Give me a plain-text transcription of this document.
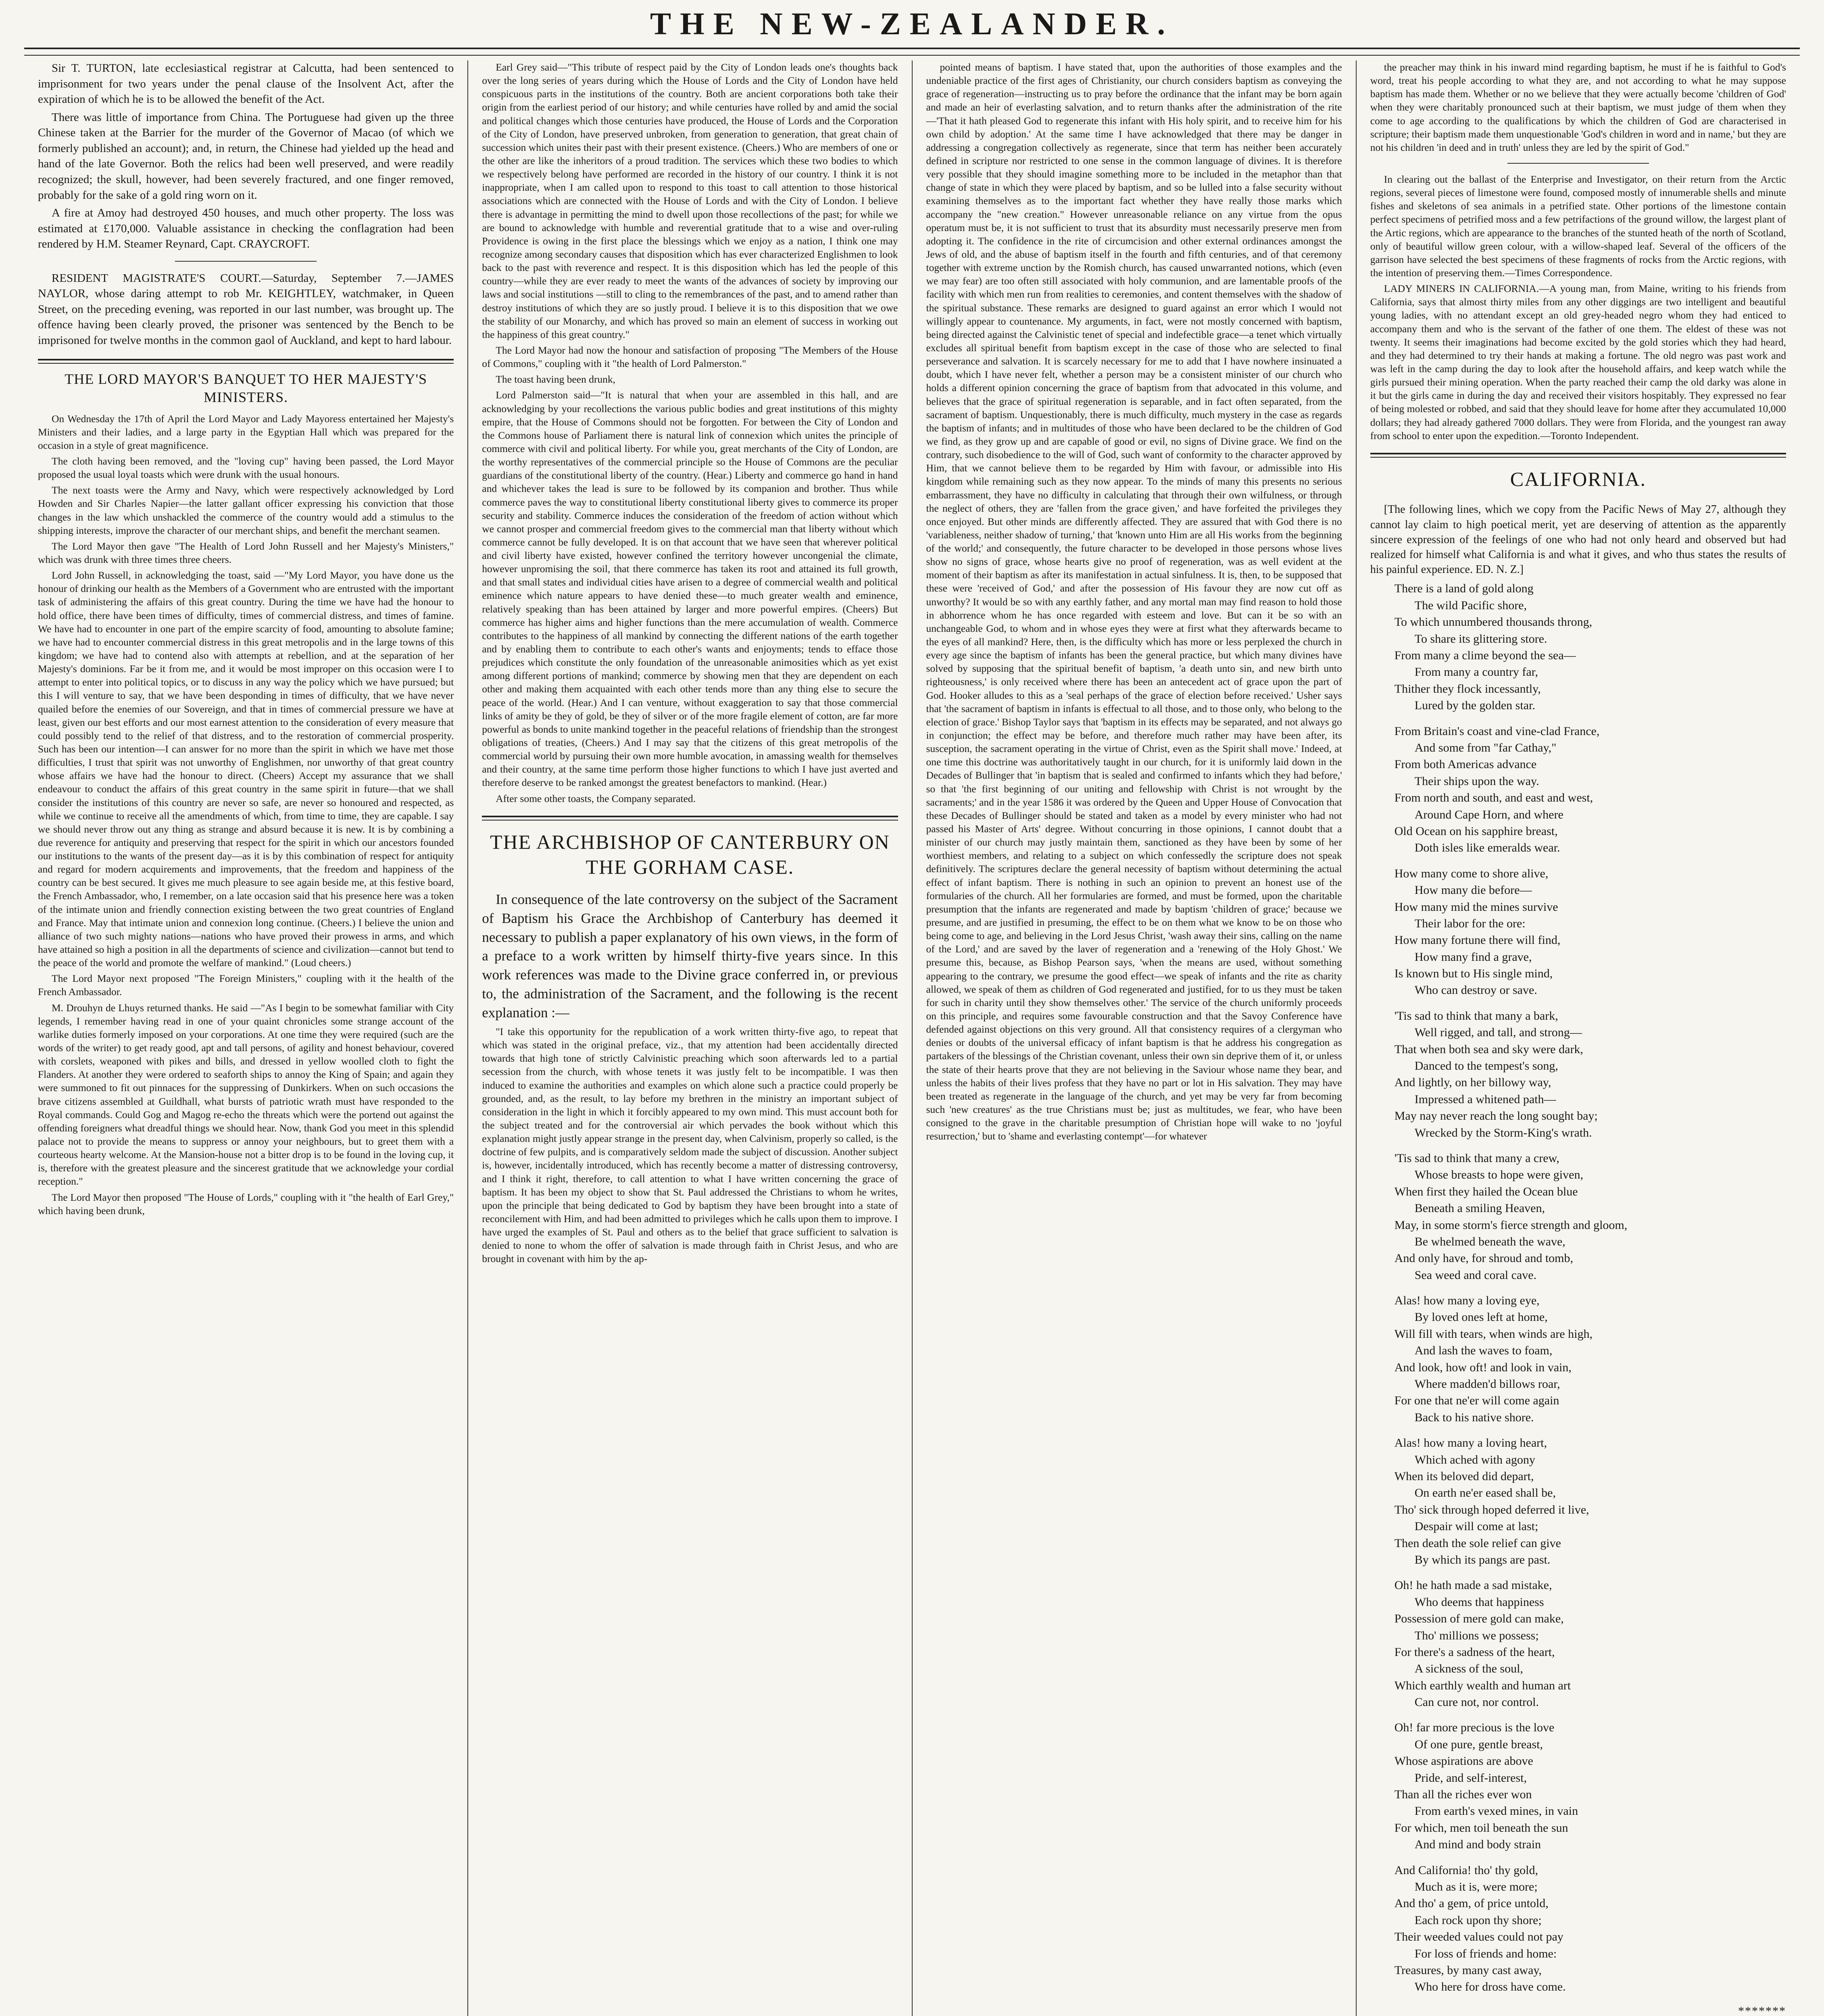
THE NEW-ZEALANDER.

Sir T. TURTON, late ecclesiastical registrar at Calcutta, had been sentenced to imprisonment for two years under the penal clause of the Insolvent Act, after the expiration of which he is to be allowed the benefit of the Act.

There was little of importance from China. The Portuguese had given up the three Chinese taken at the Barrier for the murder of the Governor of Macao (of which we formerly published an account); and, in return, the Chinese had yielded up the head and hand of the late Governor. Both the relics had been well preserved, and were readily recognized; the skull, however, had been severely fractured, and one finger removed, probably for the sake of a gold ring worn on it.

A fire at Amoy had destroyed 450 houses, and much other property. The loss was estimated at £170,000. Valuable assistance in checking the conflagration had been rendered by H.M. Steamer Reynard, Capt. CRAYCROFT.

RESIDENT MAGISTRATE'S COURT.—Saturday, September 7.—JAMES NAYLOR, whose daring attempt to rob Mr. KEIGHTLEY, watchmaker, in Queen Street, on the preceding evening, was reported in our last number, was brought up. The offence having been clearly proved, the prisoner was sentenced by the Bench to be imprisoned for twelve months in the common gaol of Auckland, and kept to hard labour.

THE LORD MAYOR'S BANQUET TO HER MAJESTY'S MINISTERS.

On Wednesday the 17th of April the Lord Mayor and Lady Mayoress entertained her Majesty's Ministers and their ladies, and a large party in the Egyptian Hall which was prepared for the occasion in a style of great magnificence.

The cloth having been removed, and the "loving cup" having been passed, the Lord Mayor proposed the usual loyal toasts which were drunk with the usual honours.

The next toasts were the Army and Navy, which were respectively acknowledged by Lord Howden and Sir Charles Napier—the latter gallant officer expressing his conviction that those changes in the law which unshackled the commerce of the country would add a stimulus to the shipping interests, improve the character of our merchant ships, and benefit the merchant seamen.

The Lord Mayor then gave "The Health of Lord John Russell and her Majesty's Ministers," which was drunk with three times three cheers.

Lord John Russell, in acknowledging the toast, said —"My Lord Mayor, you have done us the honour of drinking our health as the Members of a Government who are entrusted with the important task of administering the affairs of this great country. During the time we have had the honour to hold office, there have been times of difficulty, times of commercial distress, and times of famine. We have had to encounter in one part of the empire scarcity of food, amounting to absolute famine; we have had to encounter commercial distress in this great metropolis and in the large towns of this kingdom; we have had to contend also with attempts at rebellion, and at the separation of her Majesty's dominions. Far be it from me, and it would be most improper on this occasion were I to attempt to enter into political topics, or to discuss in any way the policy which we have pursued; but this I will venture to say, that we have been desponding in times of difficulty, that we have never quailed before the enemies of our Sovereign, and that in times of commercial pressure we have at least, given our best efforts and our most earnest attention to the consideration of every measure that could possibly tend to the relief of that distress, and to the restoration of commercial prosperity. Such has been our intention—I can answer for no more than the spirit in which we have met those difficulties, I trust that spirit was not unworthy of Englishmen, nor unworthy of that great country whose affairs we have had the honour to direct. (Cheers) Accept my assurance that we shall endeavour to conduct the affairs of this great country in the same spirit in future—that we shall consider the institutions of this country are never so safe, are never so honoured and respected, as while we continue to receive all the amendments of which, from time to time, they are capable. I say we should never throw out any thing as strange and absurd because it is new. It is by combining a due reverence for antiquity and preserving that respect for the spirit in which our ancestors founded our institutions to the wants of the present day—as it is by this combination of respect for antiquity and regard for modern acquirements and improvements, that the freedom and happiness of the country can be best secured. It gives me much pleasure to see again beside me, at this festive board, the French Ambassador, who, I remember, on a late occasion said that his presence here was a token of the intimate union and friendly connection existing between the two great countries of England and France. May that intimate union and connexion long continue. (Cheers.) I believe the union and alliance of two such mighty nations—nations who have proved their prowess in arms, and which have attained so high a position in all the departments of science and civilization—cannot but tend to the peace of the world and promote the welfare of mankind." (Loud cheers.)

The Lord Mayor next proposed "The Foreign Ministers," coupling with it the health of the French Ambassador.

M. Drouhyn de Lhuys returned thanks. He said —"As I begin to be somewhat familiar with City legends, I remember having read in one of your quaint chronicles some strange account of the warlike duties formerly imposed on your corporations. At one time they were required (such are the words of the writer) to get ready good, apt and tall persons, of agility and honest behaviour, covered with corslets, weaponed with pikes and bills, and dressed in yellow woolled cloth to fight the Flanders. At another they were ordered to seaforth ships to annoy the King of Spain; and again they were summoned to fit out pinnaces for the suppressing of Dunkirkers. When on such occasions the brave citizens assembled at Guildhall, what bursts of patriotic wrath must have responded to the Royal commands. Could Gog and Magog re-echo the threats which were the portend out against the offending foreigners what dreadful things we should hear. Now, thank God you meet in this splendid palace not to provide the means to suppress or annoy your neighbours, but to greet them with a courteous hearty welcome. At the Mansion-house not a bitter drop is to be found in the loving cup, it is, therefore with the greatest pleasure and the sincerest gratitude that we acknowledge your cordial reception."

The Lord Mayor then proposed "The House of Lords," coupling with it "the health of Earl Grey," which having been drunk,

Earl Grey said—"This tribute of respect paid by the City of London leads one's thoughts back over the long series of years during which the House of Lords and the City of London have held conspicuous parts in the institutions of the country. Both are ancient corporations both take their origin from the earliest period of our history; and while centuries have rolled by and amid the social and political changes which those centuries have produced, the House of Lords and the Corporation of the City of London, have preserved unbroken, from generation to generation, that great chain of succession which unites their past with their present existence. (Cheers.) Who are members of one or the other are like the inheritors of a proud tradition. The services which these two bodies to which we respectively belong have performed are recorded in the history of our country. I think it is not inappropriate, when I am called upon to respond to this toast to call attention to those historical associations which are connected with the House of Lords and with the City of London. I believe there is advantage in permitting the mind to dwell upon those recollections of the past; for while we are bound to acknowledge with humble and reverential gratitude that to a wise and over-ruling Providence is owing in the first place the blessings which we enjoy as a nation, I think one may recognize among secondary causes that disposition which has ever characterized Englishmen to look back to the past with reverence and respect. It is this disposition which has led the people of this country—while they are ever ready to meet the wants of the advances of society by improving our laws and social institutions —still to cling to the remembrances of the past, and to amend rather than destroy institutions of which they are so justly proud. I believe it is to this disposition that we owe the stability of our Monarchy, and which has proved so main an element of success in working out the happiness of this great country."

The Lord Mayor had now the honour and satisfaction of proposing "The Members of the House of Commons," coupling with it "the health of Lord Palmerston."

The toast having been drunk,

Lord Palmerston said—"It is natural that when your are assembled in this hall, and are acknowledging by your recollections the various public bodies and great institutions of this mighty empire, that the House of Commons should not be forgotten. For between the City of London and the Commons house of Parliament there is natural link of connexion which unites the principle of commerce with civil and political liberty. For while you, great merchants of the City of London, are the worthy representatives of the commercial principle so the House of Commons are the peculiar guardians of the constitutional liberty of the country. (Hear.) Liberty and commerce go hand in hand and whichever takes the lead is sure to be followed by its companion and brother. Thus while commerce paves the way to constitutional liberty constitutional liberty gives to commerce its proper security and stability. Commerce induces the consideration of the freedom of action without which we cannot prosper and commercial freedom gives to the commercial man that liberty without which commerce cannot be fully developed. It is on that account that we have seen that wherever political and civil liberty have existed, however confined the territory however uncongenial the climate, however unpromising the soil, that there commerce has taken its root and attained its full growth, and that small states and individual cities have arisen to a degree of commercial wealth and political eminence which nature appears to have denied these—to much greater wealth and eminence, relatively speaking than has been attained by larger and more powerful empires. (Cheers) But commerce has higher aims and higher functions than the mere accumulation of wealth. Commerce contributes to the happiness of all mankind by connecting the different nations of the earth together and by enabling them to contribute to each other's wants and enjoyments; tends to efface those prejudices which constitute the only foundation of the unreasonable animosities which as yet exist among different portions of mankind; commerce by showing men that they are dependent on each other and making them acquainted with each other tends more than any thing else to secure the peace of the world. (Hear.) And I can venture, without exaggeration to say that those commercial links of amity be they of gold, be they of silver or of the more fragile element of cotton, are far more powerful as bonds to unite mankind together in the peaceful relations of friendship than the strongest obligations of treaties, (Cheers.) And I may say that the citizens of this great metropolis of the commercial world by pursuing their own more humble avocation, in amassing wealth for themselves and their country, at the same time perform those higher functions to which I have just averted and therefore deserve to be ranked amongst the greatest benefactors to mankind. (Hear.)

After some other toasts, the Company separated.

THE ARCHBISHOP OF CANTERBURY ON THE GORHAM CASE.

In consequence of the late controversy on the subject of the Sacrament of Baptism his Grace the Archbishop of Canterbury has deemed it necessary to publish a paper explanatory of his own views, in the form of a preface to a work written by himself thirty-five years since. In this work references was made to the Divine grace conferred in, or previous to, the administration of the Sacrament, and the following is the recent explanation :—

"I take this opportunity for the republication of a work written thirty-five ago, to repeat that which was stated in the original preface, viz., that my attention had been accidentally directed towards that high tone of strictly Calvinistic preaching which soon afterwards led to a partial secession from the church, with whose tenets it was justly felt to be incompatible. I was then induced to examine the authorities and examples on which alone such a practice could properly be grounded, and, as the result, to lay before my brethren in the ministry an important subject of consideration in the light in which it forcibly appeared to my own mind. This must account both for the subject treated and for the controversial air which pervades the book without which this explanation might justly appear strange in the present day, when Calvinism, properly so called, is the doctrine of few pulpits, and is comparatively seldom made the subject of discussion. Another subject is, however, incidentally introduced, which has recently become a matter of distressing controversy, and I think it right, therefore, to call attention to what I have written concerning the grace of baptism. It has been my object to show that St. Paul addressed the Christians to whom he writes, upon the principle that being dedicated to God by baptism they have been brought into a state of reconcilement with Him, and had been admitted to privileges which he calls upon them to improve. I have urged the examples of St. Paul and others as to the belief that grace sufficient to salvation is denied to none to whom the offer of salvation is made through faith in Christ Jesus, and who are brought in covenant with him by the ap-

pointed means of baptism. I have stated that, upon the authorities of those examples and the undeniable practice of the first ages of Christianity, our church considers baptism as conveying the grace of regeneration—instructing us to pray before the ordinance that the infant may be born again and made an heir of everlasting salvation, and to return thanks after the administration of the rite—'That it hath pleased God to regenerate this infant with His holy spirit, and to receive him for his own child by adoption.' At the same time I have acknowledged that there may be danger in addressing a congregation collectively as regenerate, since that term has neither been accurately defined in scripture nor restricted to one sense in the common language of divines. It is therefore very possible that they should imagine something more to be included in the metaphor than that change of state in which they were placed by baptism, and so be lulled into a false security without examining themselves as to the important fact whether they have really those marks which accompany the "new creation." However unreasonable reliance on any virtue from the opus operatum must be, it is not sufficient to trust that its absurdity must necessarily preserve men from adopting it. The confidence in the rite of circumcision and other external ordinances amongst the Jews of old, and the abuse of baptism itself in the fourth and fifth centuries, and of that ceremony together with extreme unction by the Romish church, has caused unwarranted notions, which (even we may fear) are too often still associated with holy communion, and are lamentable proofs of the facility with which men run from realities to ceremonies, and content themselves with the shadow of the spiritual substance. These remarks are designed to guard against an error which I would not willingly appear to countenance. My arguments, in fact, were not mostly concerned with baptism, being directed against the Calvinistic tenet of special and indefectible grace—a tenet which virtually excludes all spiritual benefit from baptism except in the case of those who are selected to final perseverance and salvation. It is scarcely necessary for me to add that I have nowhere insinuated a doubt, which I have never felt, whether a person may be a consistent minister of our church who holds a different opinion concerning the grace of baptism from that advocated in this volume, and believes that the grace of spiritual regeneration is separable, and in fact often separated, from the sacrament of baptism. Unquestionably, there is much difficulty, much mystery in the case as regards the baptism of infants; and in multitudes of those who have been declared to be the children of God we find, as they grow up and are capable of good or evil, no signs of Divine grace. We find on the contrary, such disobedience to the will of God, such want of conformity to the character approved by Him, that we cannot believe them to be regarded by Him with favour, or admissible into His kingdom while remaining such as they now appear. To the minds of many this presents no serious embarrassment, they have no difficulty in calculating that through their own wilfulness, or through the neglect of others, they are 'fallen from the grace given,' and have forfeited the privileges they once enjoyed. But other minds are differently affected. They are assured that with God there is no 'variableness, neither shadow of turning,' that 'known unto Him are all His works from the beginning of the world;' and consequently, the future character to be developed in those persons whose lives show no signs of grace, whose hearts give no proof of regeneration, was as well evident at the moment of their baptism as after its manifestation in actual sinfulness. It is, then, to be supposed that these were 'received of God,' and after the possession of His favour they are now cut off as unworthy? It would be so with any earthly father, and any mortal man may find reason to hold those in abhorrence whom he has once regarded with esteem and love. But can it be so with an unchangeable God, to whom and in whose eyes they were at first what they afterwards became to the eyes of all mankind? Here, then, is the difficulty which has more or less perplexed the church in every age since the baptism of infants has been the general practice, but which many divines have solved by supposing that the spiritual benefit of baptism, 'a death unto sin, and new birth unto righteousness,' is only received where there has been an antecedent act of grace upon the part of God. Hooker alludes to this as a 'seal perhaps of the grace of election before received.' Usher says that 'the sacrament of baptism in infants is effectual to all those, and to those only, who belong to the election of grace.' Bishop Taylor says that 'baptism in its effects may be separated, and not always go in conjunction; the effect may be before, and therefore much rather may have been after, its susception, the sacrament operating in the virtue of Christ, even as the Spirit shall move.' Indeed, at one time this doctrine was authoritatively taught in our church, for it is uniformly laid down in the Decades of Bullinger that 'in baptism that is sealed and confirmed to infants which they had before,' so that 'the first beginning of our uniting and fellowship with Christ is not wrought by the sacraments;' and in the year 1586 it was ordered by the Queen and Upper House of Convocation that these Decades of Bullinger should be stated and taken as a model by every minister who had not passed his Master of Arts' degree. Without concurring in those opinions, I cannot doubt that a minister of our church may justly maintain them, sanctioned as they have been by some of her worthiest members, and relating to a subject on which confessedly the scripture does not speak definitively. The scriptures declare the general necessity of baptism without determining the actual effect of infant baptism. There is nothing in such an opinion to prevent an honest use of the formularies of the church. All her formularies are formed, and must be formed, upon the charitable presumption that the infants are regenerated and made by baptism 'children of grace;' because we presume, and are justified in presuming, the effect to be on them what we know to be on those who being come to age, and believing in the Lord Jesus Christ, 'wash away their sins, calling on the name of the Lord,' and are saved by the laver of regeneration and a 'renewing of the Holy Ghost.' We presume this, because, as Bishop Pearson says, 'when the means are used, without something appearing to the contrary, we presume the good effect—we speak of infants and the rite as charity allowed, we speak of them as children of God regenerated and justified, for to us they must be taken for such in charity until they show themselves other.' The service of the church uniformly proceeds on this principle, and requires some favourable construction and that the Savoy Conference have defended against objections on this very ground. All that consistency requires of a clergyman who denies or doubts of the universal efficacy of infant baptism is that he address his congregation as partakers of the blessings of the Christian covenant, unless their own sin deprive them of it, or unless the state of their hearts prove that they are not believing in the Saviour whose name they bear, and unless the habits of their lives profess that they have no part or lot in His salvation. They may have been treated as regenerate in the language of the church, and yet may be very far from becoming such 'new creatures' as the true Christians must be; just as multitudes, we fear, who have been consigned to the grave in the charitable presumption of Christian hope will wake to no 'joyful resurrection,' but to 'shame and everlasting contempt'—for whatever

the preacher may think in his inward mind regarding baptism, he must if he is faithful to God's word, treat his people according to what they are, and not according to what he may suppose baptism has made them. Whether or no we believe that they were actually become 'children of God' when they were charitably pronounced such at their baptism, we must judge of them when they come to age according to the qualifications by which the children of God are characterised in scripture; their baptism made them unquestionable 'God's children in word and in name,' but they are not his children 'in deed and in truth' unless they are led by the spirit of God."

In clearing out the ballast of the Enterprise and Investigator, on their return from the Arctic regions, several pieces of limestone were found, composed mostly of innumerable shells and minute fishes and skeletons of sea animals in a petrified state. Other portions of the limestone contain perfect specimens of petrified moss and a few petrifactions of the ground willow, the largest plant of the Artic regions, which are appearance to the branches of the stunted heath of the north of Scotland, only of beautiful willow green colour, with a willow-shaped leaf. Several of the officers of the garrison have selected the best specimens of these fragments of rocks from the Arctic regions, with the intention of preserving them.—Times Correspondence.

LADY MINERS IN CALIFORNIA.—A young man, from Maine, writing to his friends from California, says that almost thirty miles from any other diggings are two intelligent and beautiful young ladies, with no attendant except an old grey-headed negro whom they had enticed to accompany them and who is the servant of the father of one them. The eldest of these was not twenty. It seems their imaginations had become excited by the gold stories which they had heard, and they had determined to try their hands at making a fortune. The old negro was past work and was left in the camp during the day to look after the household affairs, and keep watch while the girls pursued their mining operation. When the party reached their camp the old darky was alone in it but the girls came in during the day and received their visitors hospitably. They expressed no fear of being molested or robbed, and said that they should leave for home after they accumulated 10,000 dollars; they had already gathered 7000 dollars. They were from Florida, and the youngest ran away from school to enter upon the expedition.—Toronto Independent.

CALIFORNIA.

[The following lines, which we copy from the Pacific News of May 27, although they cannot lay claim to high poetical merit, yet are deserving of attention as the apparently sincere expression of the feelings of one who had not only heard and observed but had realized for himself what California is and what it gives, and who thus states the results of his painful experience. ED. N. Z.]

There is a land of gold along
The wild Pacific shore,
To which unnumbered thousands throng,
To share its glittering store.
From many a clime beyond the sea—
From many a country far,
Thither they flock incessantly,
Lured by the golden star.
From Britain's coast and vine-clad France,
And some from "far Cathay,"
From both Americas advance
Their ships upon the way.
From north and south, and east and west,
Around Cape Horn, and where
Old Ocean on his sapphire breast,
Doth isles like emeralds wear.
How many come to shore alive,
How many die before—
How many mid the mines survive
Their labor for the ore:
How many fortune there will find,
How many find a grave,
Is known but to His single mind,
Who can destroy or save.
'Tis sad to think that many a bark,
Well rigged, and tall, and strong—
That when both sea and sky were dark,
Danced to the tempest's song,
And lightly, on her billowy way,
Impressed a whitened path—
May nay never reach the long sought bay;
Wrecked by the Storm-King's wrath.
'Tis sad to think that many a crew,
Whose breasts to hope were given,
When first they hailed the Ocean blue
Beneath a smiling Heaven,
May, in some storm's fierce strength and gloom,
Be whelmed beneath the wave,
And only have, for shroud and tomb,
Sea weed and coral cave.
Alas! how many a loving eye,
By loved ones left at home,
Will fill with tears, when winds are high,
And lash the waves to foam,
And look, how oft! and look in vain,
Where madden'd billows roar,
For one that ne'er will come again
Back to his native shore.
Alas! how many a loving heart,
Which ached with agony
When its beloved did depart,
On earth ne'er eased shall be,
Tho' sick through hoped deferred it live,
Despair will come at last;
Then death the sole relief can give
By which its pangs are past.
Oh! he hath made a sad mistake,
Who deems that happiness
Possession of mere gold can make,
Tho' millions we possess;
For there's a sadness of the heart,
A sickness of the soul,
Which earthly wealth and human art
Can cure not, nor control.
Oh! far more precious is the love
Of one pure, gentle breast,
Whose aspirations are above
Pride, and self-interest,
Than all the riches ever won
From earth's vexed mines, in vain
For which, men toil beneath the sun
And mind and body strain
And California! tho' thy gold,
Much as it is, were more;
And tho' a gem, of price untold,
Each rock upon thy shore;
Their weeded values could not pay
For loss of friends and home:
Treasures, by many cast away,
Who here for dross have come.
*******
